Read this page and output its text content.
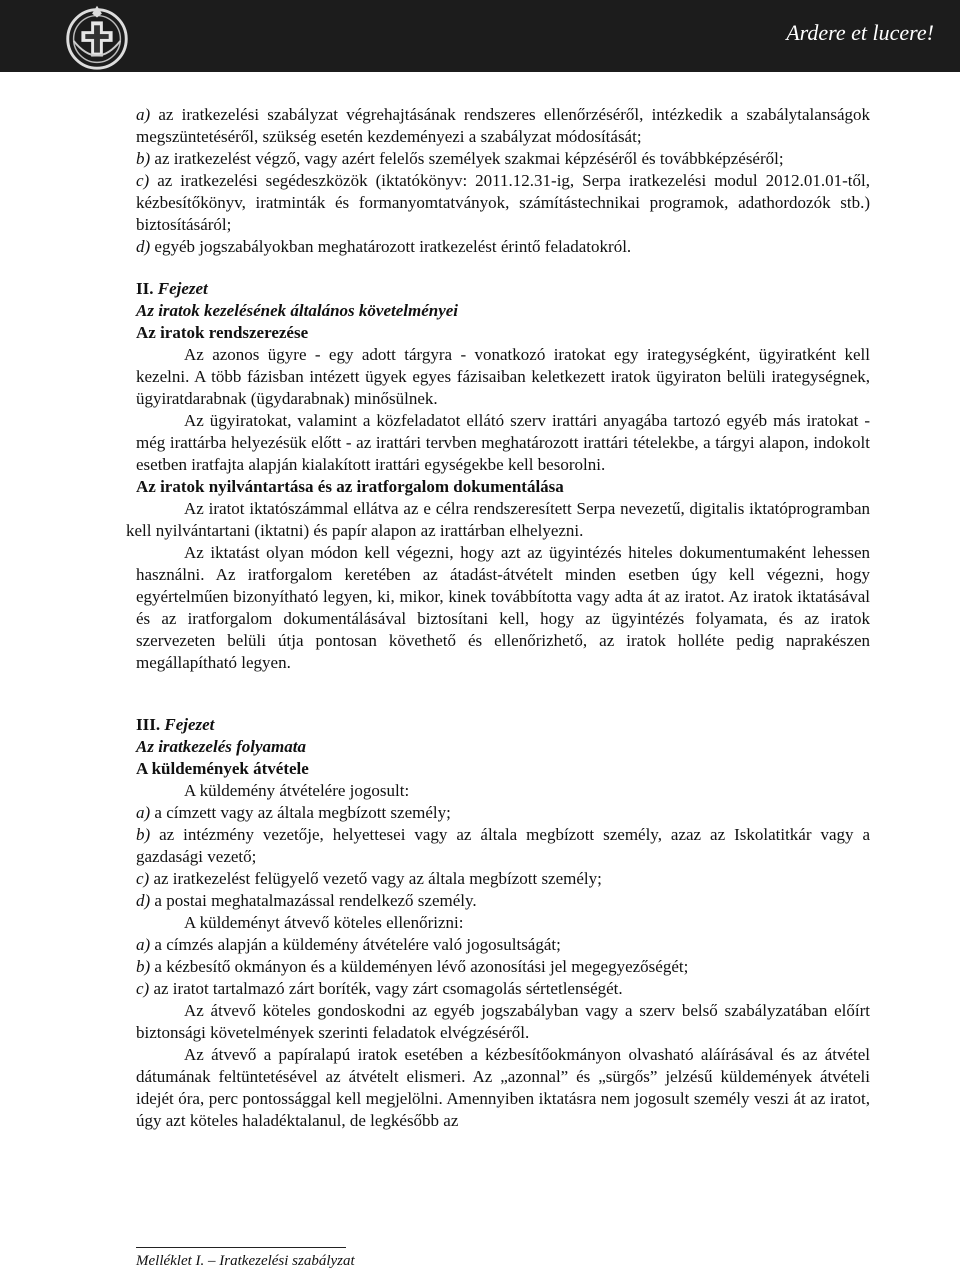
Ardere et lucere!

a) az iratkezelési szabályzat végrehajtásának rendszeres ellenőrzéséről, intézkedik a szabálytalanságok megszüntetéséről, szükség esetén kezdeményezi a szabályzat módosítását;

b) az iratkezelést végző, vagy azért felelős személyek szakmai képzéséről és továbbképzéséről;

c) az iratkezelési segédeszközök (iktatókönyv: 2011.12.31-ig, Serpa iratkezelési modul 2012.01.01-től, kézbesítőkönyv, iratminták és formanyomtatványok, számítástechnikai programok, adathordozók stb.) biztosításáról;

d) egyéb jogszabályokban meghatározott iratkezelést érintő feladatokról.

II. Fejezet

Az iratok kezelésének általános követelményei

Az iratok rendszerezése

Az azonos ügyre - egy adott tárgyra - vonatkozó iratokat egy irategységként, ügyiratként kell kezelni. A több fázisban intézett ügyek egyes fázisaiban keletkezett iratok ügyiraton belüli irategységnek, ügyiratdarabnak (ügydarabnak) minősülnek.

Az ügyiratokat, valamint a közfeladatot ellátó szerv irattári anyagába tartozó egyéb más iratokat - még irattárba helyezésük előtt - az irattári tervben meghatározott irattári tételekbe, a tárgyi alapon, indokolt esetben iratfajta alapján kialakított irattári egységekbe kell besorolni.

Az iratok nyilvántartása és az iratforgalom dokumentálása

Az iratot iktatószámmal ellátva az e célra rendszeresített Serpa nevezetű, digitalis iktatóprogramban kell nyilvántartani (iktatni) és papír alapon az irattárban elhelyezni.

Az iktatást olyan módon kell végezni, hogy azt az ügyintézés hiteles dokumentumaként lehessen használni. Az iratforgalom keretében az átadást-átvételt minden esetben úgy kell végezni, hogy egyértelműen bizonyítható legyen, ki, mikor, kinek továbbította vagy adta át az iratot. Az iratok iktatásával és az iratforgalom dokumentálásával biztosítani kell, hogy az ügyintézés folyamata, és az iratok szervezeten belüli útja pontosan követhető és ellenőrizhető, az iratok holléte pedig naprakészen megállapítható legyen.

III. Fejezet

Az iratkezelés folyamata

A küldemények átvétele

A küldemény átvételére jogosult:

a) a címzett vagy az általa megbízott személy;

b) az intézmény vezetője, helyettesei vagy az általa megbízott személy, azaz az Iskolatitkár vagy a gazdasági vezető;

c) az iratkezelést felügyelő vezető vagy az általa megbízott személy;

d) a postai meghatalmazással rendelkező személy.

A küldeményt átvevő köteles ellenőrizni:

a) a címzés alapján a küldemény átvételére való jogosultságát;

b) a kézbesítő okmányon és a küldeményen lévő azonosítási jel megegyezőségét;

c) az iratot tartalmazó zárt boríték, vagy zárt csomagolás sértetlenségét.

Az átvevő köteles gondoskodni az egyéb jogszabályban vagy a szerv belső szabályzatában előírt biztonsági követelmények szerinti feladatok elvégzéséről.

Az átvevő a papíralapú iratok esetében a kézbesítőokmányon olvasható aláírásával és az átvétel dátumának feltüntetésével az átvételt elismeri. Az „azonnal” és „sürgős” jelzésű küldemények átvételi idejét óra, perc pontossággal kell megjelölni. Amennyiben iktatásra nem jogosult személy veszi át az iratot, úgy azt köteles haladéktalanul, de legkésőbb az

Melléklet I. – Iratkezelési szabályzat
